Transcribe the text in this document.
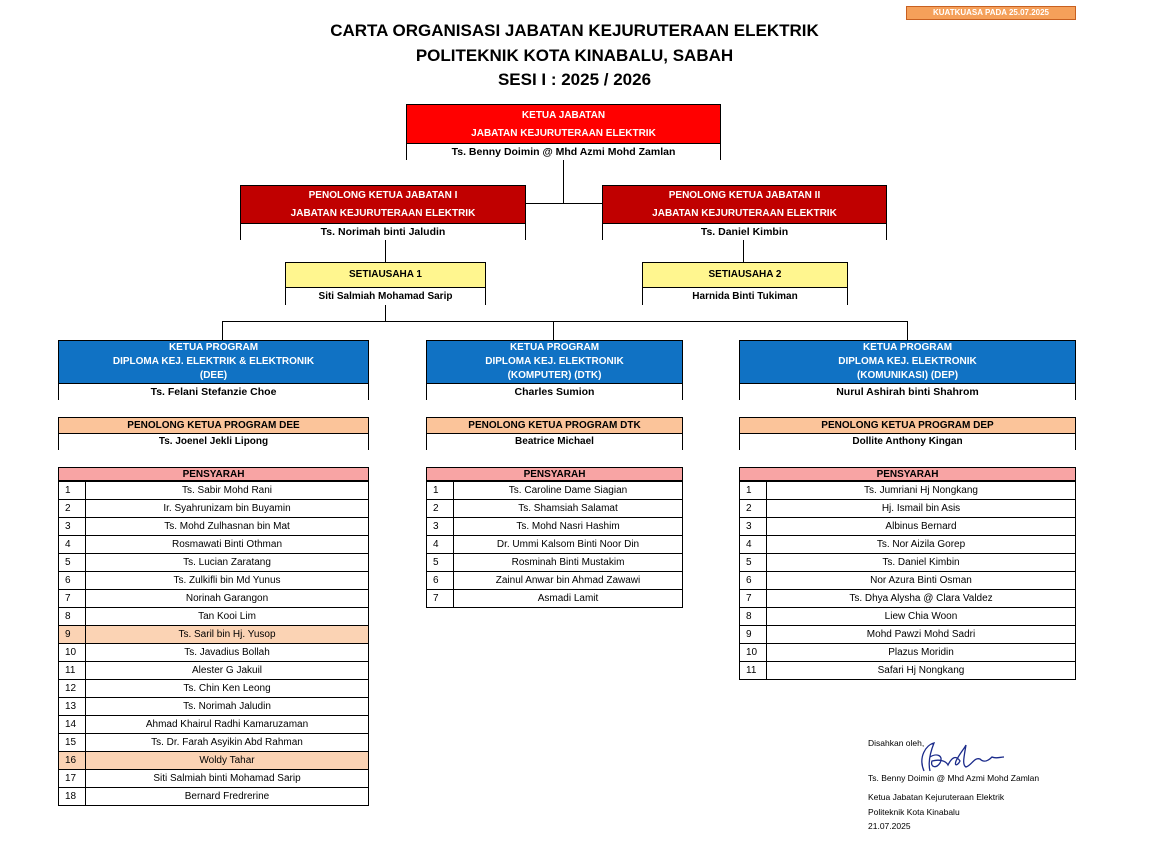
KUATKUASA PADA 25.07.2025
CARTA ORGANISASI JABATAN KEJURUTERAAN ELEKTRIK
POLITEKNIK KOTA KINABALU, SABAH
SESI I : 2025 / 2026
KETUA JABATAN
JABATAN KEJURUTERAAN ELEKTRIK
Ts. Benny Doimin @ Mhd Azmi Mohd Zamlan
PENOLONG KETUA JABATAN I
JABATAN KEJURUTERAAN ELEKTRIK
Ts. Norimah binti Jaludin
PENOLONG KETUA JABATAN II
JABATAN KEJURUTERAAN ELEKTRIK
Ts. Daniel Kimbin
SETIAUSAHA 1
Siti Salmiah Mohamad Sarip
SETIAUSAHA 2
Harnida Binti Tukiman
KETUA PROGRAM
DIPLOMA KEJ. ELEKTRIK & ELEKTRONIK
(DEE)
Ts. Felani Stefanzie Choe
KETUA PROGRAM
DIPLOMA KEJ. ELEKTRONIK
(KOMPUTER) (DTK)
Charles Sumion
KETUA PROGRAM
DIPLOMA KEJ. ELEKTRONIK
(KOMUNIKASI) (DEP)
Nurul Ashirah binti Shahrom
PENOLONG KETUA PROGRAM DEE
Ts. Joenel Jekli Lipong
PENOLONG KETUA PROGRAM DTK
Beatrice Michael
PENOLONG KETUA PROGRAM DEP
Dollite Anthony Kingan
PENSYARAH	PENSYARAH	PENSYARAH
1	Ts. Sabir Mohd Rani
2	Ir. Syahrunizam bin Buyamin
3	Ts. Mohd Zulhasnan bin Mat
4	Rosmawati Binti Othman
5	Ts. Lucian Zaratang
6	Ts. Zulkifli bin Md Yunus
7	Norinah Garangon
8	Tan Kooi Lim
9	Ts. Saril bin Hj. Yusop
10	Ts. Javadius Bollah
11	Alester G Jakuil
12	Ts. Chin Ken Leong
13	Ts. Norimah Jaludin
14	Ahmad Khairul Radhi Kamaruzaman
15	Ts. Dr. Farah Asyikin Abd Rahman
16	Woldy Tahar
17	Siti Salmiah binti Mohamad Sarip
18	Bernard Fredrerine
1	Ts. Caroline Dame Siagian
2	Ts. Shamsiah Salamat
3	Ts. Mohd Nasri Hashim
4	Dr. Ummi Kalsom Binti Noor Din
5	Rosminah Binti Mustakim
6	Zainul Anwar bin Ahmad Zawawi
7	Asmadi Lamit
1	Ts. Jumriani Hj Nongkang
2	Hj. Ismail bin Asis
3	Albinus Bernard
4	Ts. Nor Aizila Gorep
5	Ts. Daniel Kimbin
6	Nor Azura Binti Osman
7	Ts. Dhya Alysha @ Clara Valdez
8	Liew Chia Woon
9	Mohd Pawzi Mohd Sadri
10	Plazus Moridin
11	Safari Hj Nongkang
Disahkan oleh,
Ts. Benny Doimin @ Mhd Azmi Mohd Zamlan
Ketua Jabatan Kejuruteraan Elektrik
Politeknik Kota Kinabalu
21.07.2025
